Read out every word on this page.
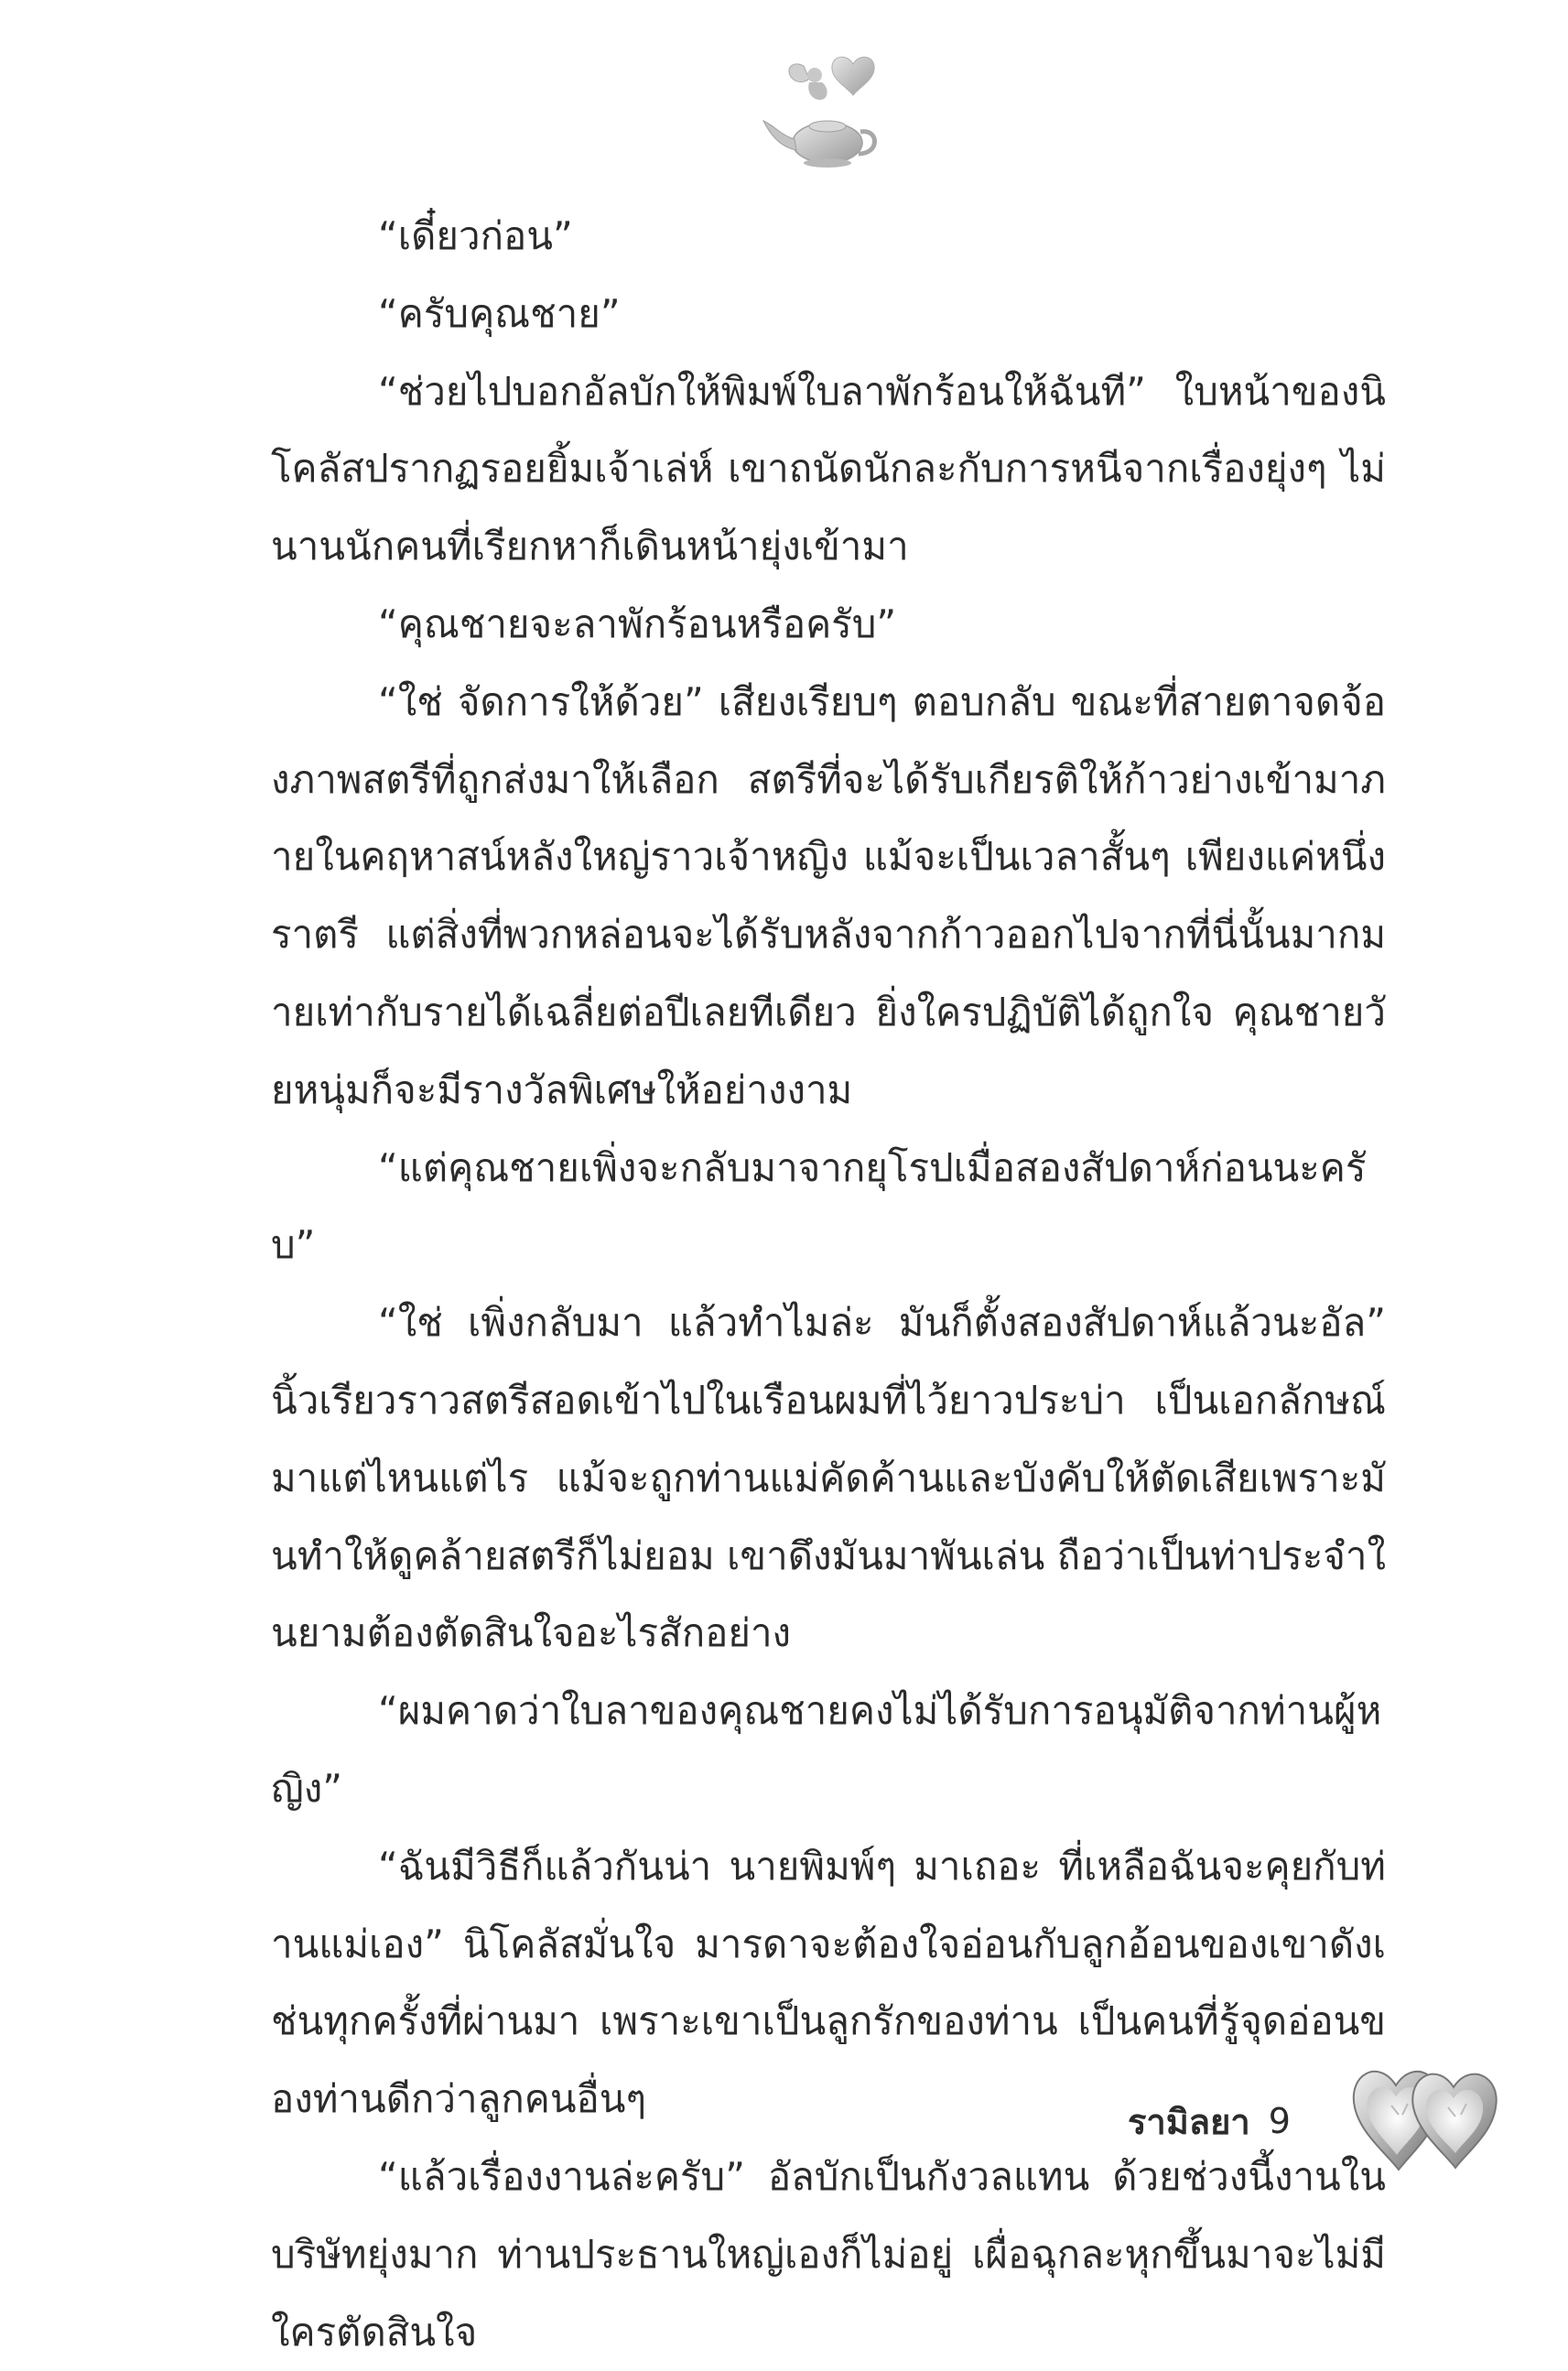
“เดี๋ยวก่อน”

“ครับคุณชาย”

“ช่วยไปบอกอัลบักให้พิมพ์ใบลาพักร้อนให้ฉันที” ใบหน้าของนิโคลัสปรากฏรอยยิ้มเจ้าเล่ห์ เขาถนัดนักละกับการหนีจากเรื่องยุ่งๆ ไม่นานนักคนที่เรียกหาก็เดินหน้ายุ่งเข้ามา

“คุณชายจะลาพักร้อนหรือครับ”

“ใช่ จัดการให้ด้วย” เสียงเรียบๆ ตอบกลับ ขณะที่สายตาจดจ้องภาพสตรีที่ถูกส่งมาให้เลือก สตรีที่จะได้รับเกียรติให้ก้าวย่างเข้ามาภายในคฤหาสน์หลังใหญ่ราวเจ้าหญิง แม้จะเป็นเวลาสั้นๆ เพียงแค่หนึ่งราตรี แต่สิ่งที่พวกหล่อนจะได้รับหลังจากก้าวออกไปจากที่นี่นั้นมากมายเท่ากับรายได้เฉลี่ยต่อปีเลยทีเดียว ยิ่งใครปฏิบัติได้ถูกใจ คุณชายวัยหนุ่มก็จะมีรางวัลพิเศษให้อย่างงาม

“แต่คุณชายเพิ่งจะกลับมาจากยุโรปเมื่อสองสัปดาห์ก่อนนะครับ”

“ใช่ เพิ่งกลับมา แล้วทำไมล่ะ มันก็ตั้งสองสัปดาห์แล้วนะอัล” นิ้วเรียวราวสตรีสอดเข้าไปในเรือนผมที่ไว้ยาวประบ่า เป็นเอกลักษณ์มาแต่ไหนแต่ไร แม้จะถูกท่านแม่คัดค้านและบังคับให้ตัดเสียเพราะมันทำให้ดูคล้ายสตรีก็ไม่ยอม เขาดึงมันมาพันเล่น ถือว่าเป็นท่าประจำในยามต้องตัดสินใจอะไรสักอย่าง

“ผมคาดว่าใบลาของคุณชายคงไม่ได้รับการอนุมัติจากท่านผู้หญิง”

“ฉันมีวิธีก็แล้วกันน่า นายพิมพ์ๆ มาเถอะ ที่เหลือฉันจะคุยกับท่านแม่เอง” นิโคลัสมั่นใจ มารดาจะต้องใจอ่อนกับลูกอ้อนของเขาดังเช่นทุกครั้งที่ผ่านมา เพราะเขาเป็นลูกรักของท่าน เป็นคนที่รู้จุดอ่อนของท่านดีกว่าลูกคนอื่นๆ

“แล้วเรื่องงานล่ะครับ” อัลบักเป็นกังวลแทน ด้วยช่วงนี้งานในบริษัทยุ่งมาก ท่านประธานใหญ่เองก็ไม่อยู่ เผื่อฉุกละหุกขึ้นมาจะไม่มีใครตัดสินใจ

รามิลยา 9
